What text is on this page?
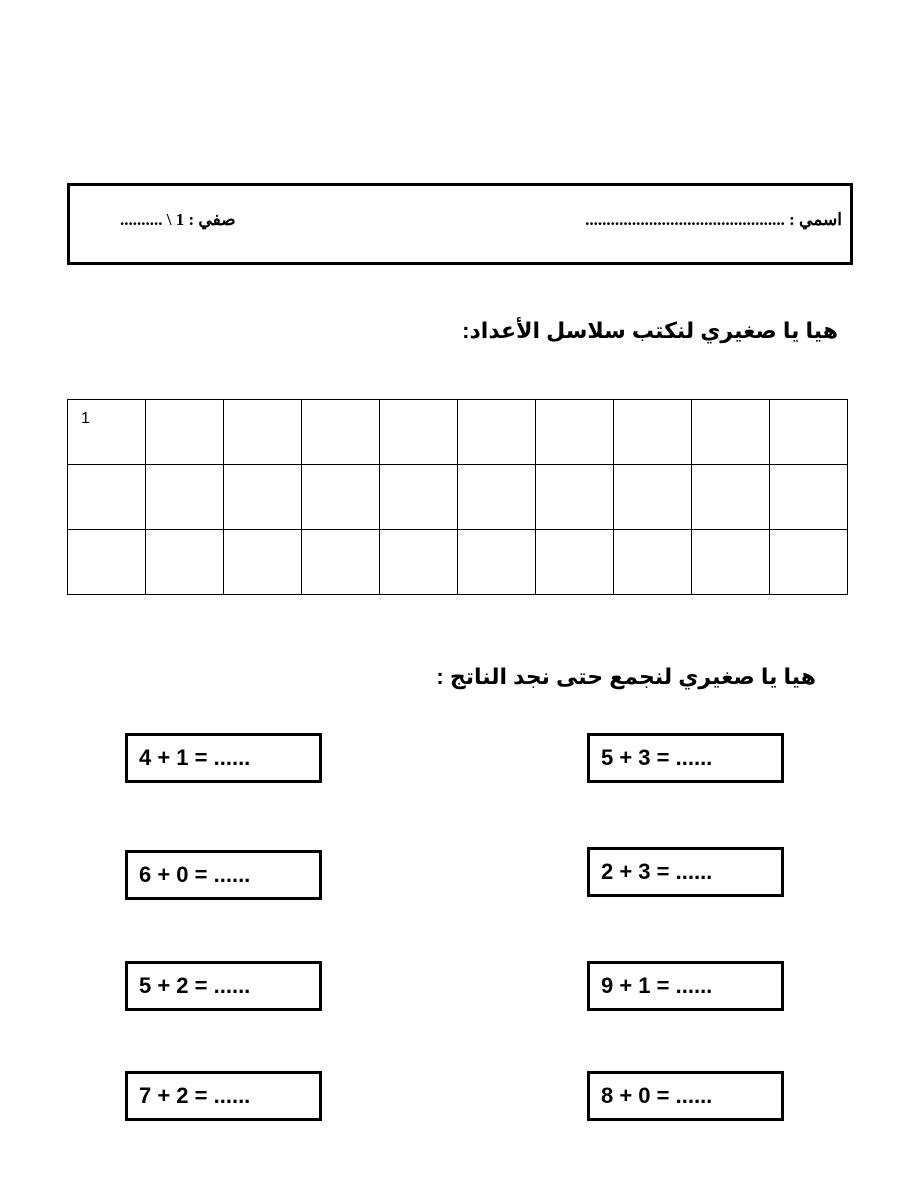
اسمي : ...............................................
صفي : 1 \ ..........
هيا يا صغيري لنكتب سلاسل الأعداد:
1									

هيا يا صغيري لنجمع حتى نجد الناتج :
4 + 1 = ......	5 + 3 = ......
6 + 0 = ......	2 + 3 = ......
5 + 2 = ......	9 + 1 = ......
7 + 2 = ......	8 + 0 = ......
